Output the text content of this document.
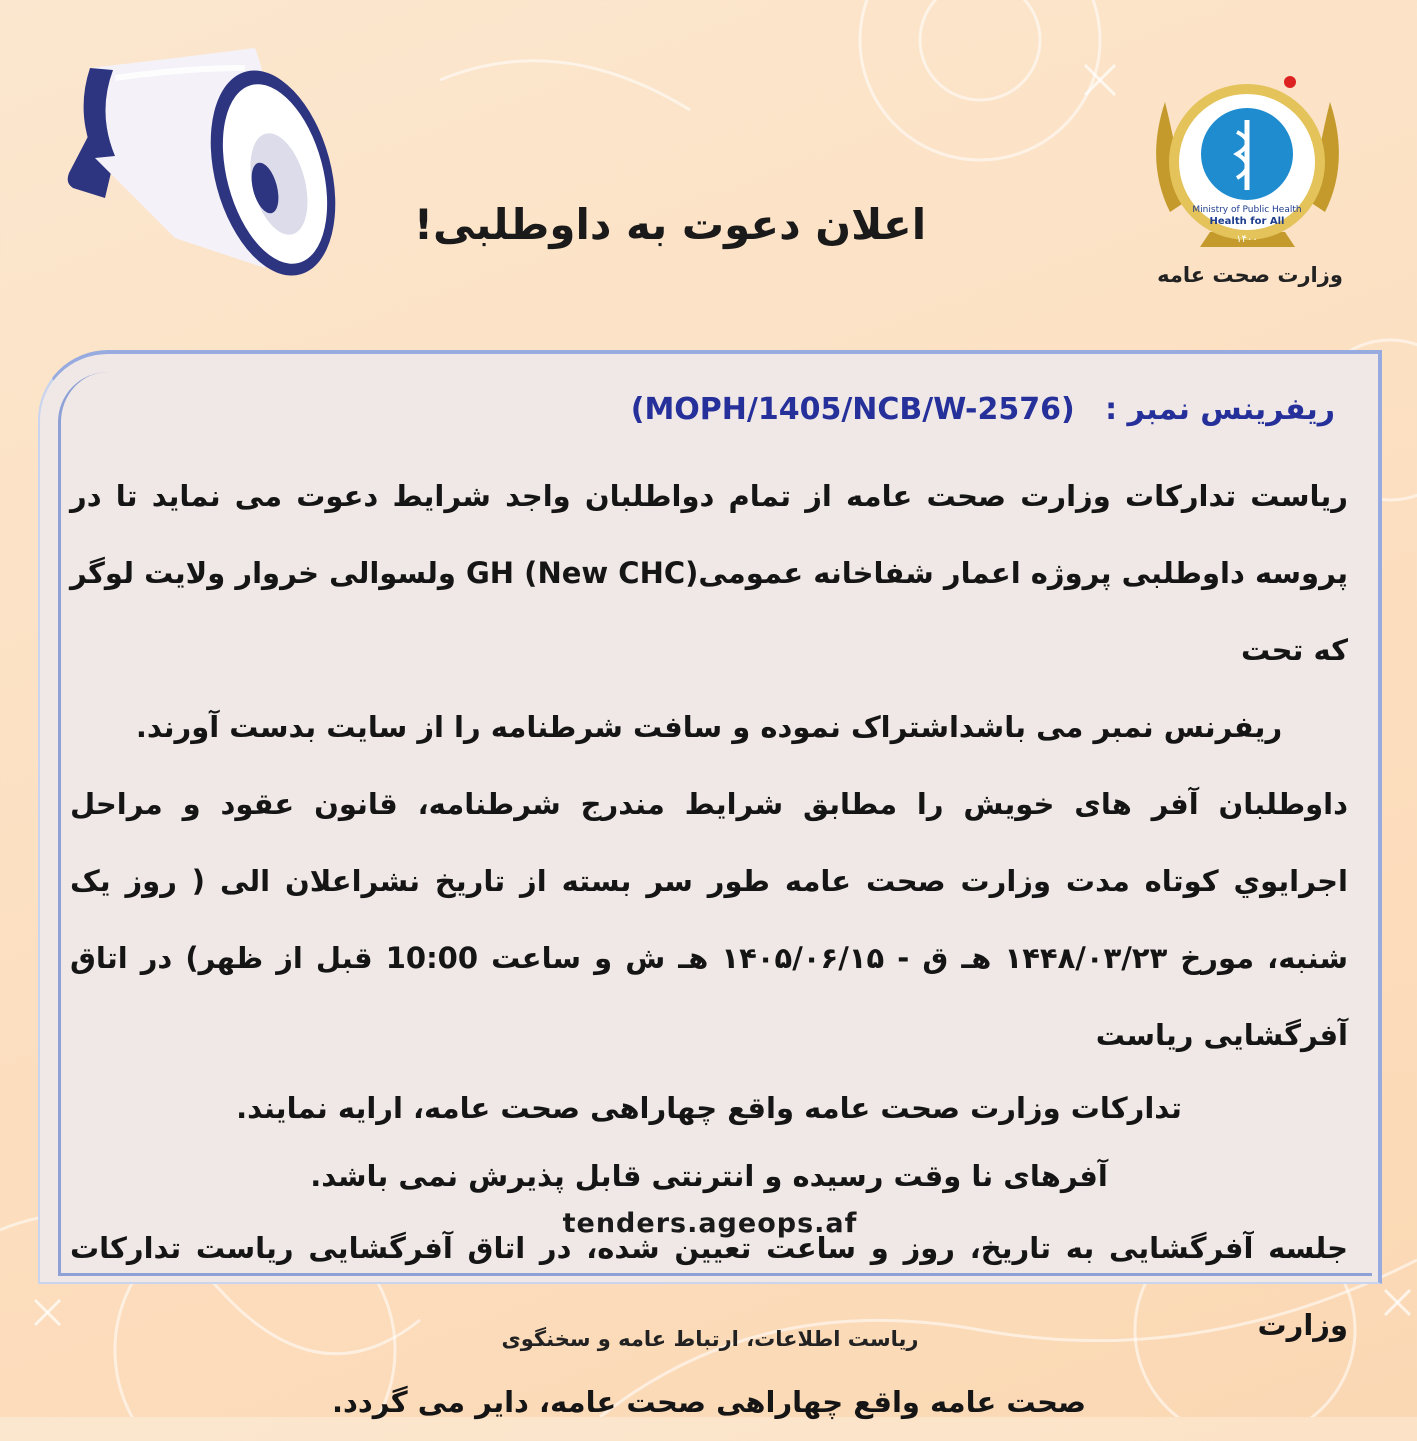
اعلان دعوت به داوطلبی!	Ministry of Public Health
Health for All
۱۴۰۰
وزارت صحت عامه
ریفرینس نمبر : (MOPH/1405/NCB/W-2576)

ریاست تدارکات وزارت صحت عامه از تمام دواطلبان واجد شرایط دعوت می نماید تا در پروسه داوطلبی پروژه اعمار شفاخانه عمومی(New CHC) GH ولسوالی خروار ولایت لوگر که تحت

ریفرنس نمبر می باشداشتراک نموده و سافت شرطنامه را از سایت بدست آورند.

داوطلبان آفر های خویش را مطابق شرایط مندرج شرطنامه، قانون عقود و مراحل اجرایوي کوتاه مدت وزارت صحت عامه طور سر بسته از تاریخ نشراعلان الی ( روز یک شنبه، مورخ ۱۴۴۸/۰۳/۲۳ هـ ق - ۱۴۰۵/۰۶/۱۵ هـ ش و ساعت 10:00 قبل از ظهر) در اتاق آفرگشایی ریاست

تدارکات وزارت صحت عامه واقع چهاراهی صحت عامه، ارایه نمایند.

آفرهای نا وقت رسیده و انترنتی قابل پذیرش نمی باشد.

جلسه آفرگشایی به تاریخ، روز و ساعت تعیین شده، در اتاق آفرگشایی ریاست تدارکات وزارت

صحت عامه واقع چهاراهی صحت عامه، دایر می گردد.

tenders.ageops.af
ریاست اطلاعات، ارتباط عامه و سخنگوی
